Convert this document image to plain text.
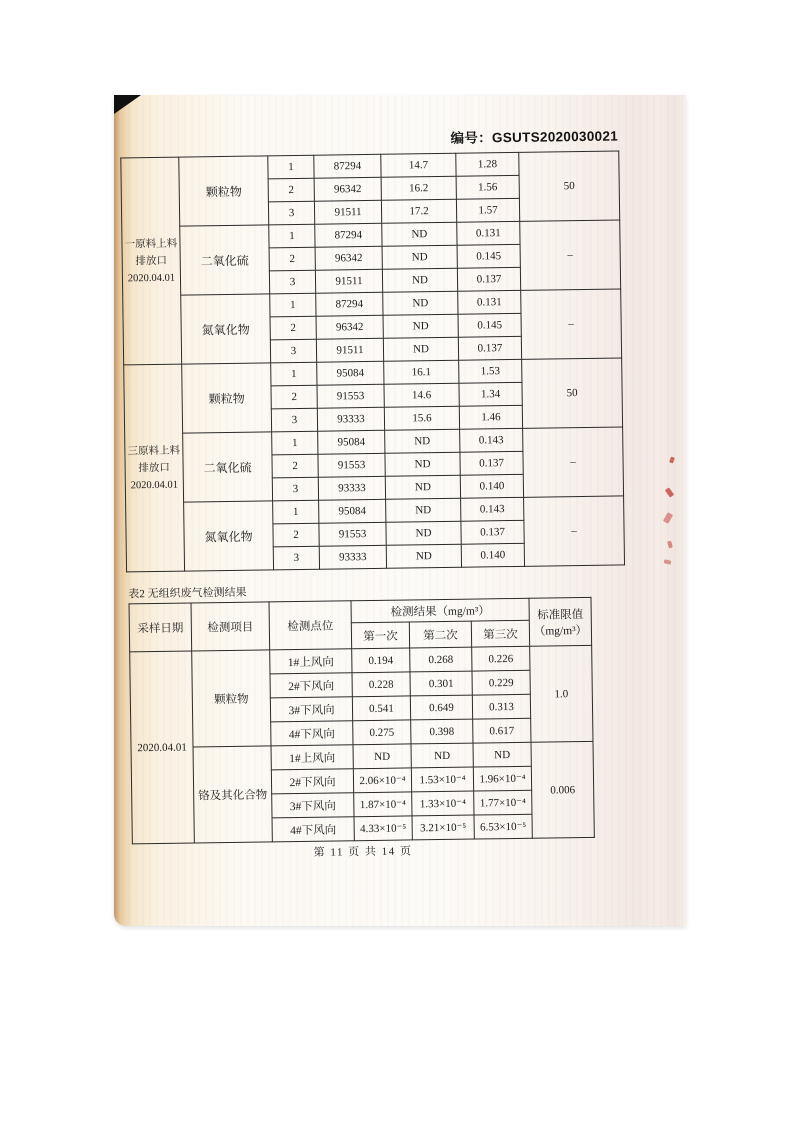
编号：GSUTS2020030021
一原料上料
排放口
2020.04.01	颗粒物	1	87294	14.7	1.28	50
		2	96342	16.2	1.56	
		3	91511	17.2	1.57	
	二氧化硫	1	87294	ND	0.131	–
		2	96342	ND	0.145	
		3	91511	ND	0.137	
	氮氧化物	1	87294	ND	0.131	–
		2	96342	ND	0.145	
		3	91511	ND	0.137	

三原料上料
排放口
2020.04.01	颗粒物	1	95084	16.1	1.53	50
		2	91553	14.6	1.34	
		3	93333	15.6	1.46	
	二氧化硫	1	95084	ND	0.143	–
		2	91553	ND	0.137	
		3	93333	ND	0.140	
	氮氧化物	1	95084	ND	0.143	–
		2	91553	ND	0.137	
		3	93333	ND	0.140	
表2 无组织废气检测结果
采样日期	检测项目	检测点位	检测结果（mg/m³）			标准限值（mg/m³）
			第一次	第二次	第三次	
2020.04.01	颗粒物	1#上风向	0.194	0.268	0.226	1.0
		2#下风向	0.228	0.301	0.229	
		3#下风向	0.541	0.649	0.313	
		4#下风向	0.275	0.398	0.617	
	铬及其化合物	1#上风向	ND	ND	ND	0.006
		2#下风向	2.06×10⁻⁴	1.53×10⁻⁴	1.96×10⁻⁴	
		3#下风向	1.87×10⁻⁴	1.33×10⁻⁴	1.77×10⁻⁴	
		4#下风向	4.33×10⁻⁵	3.21×10⁻⁵	6.53×10⁻⁵	
第 11 页 共 14 页
